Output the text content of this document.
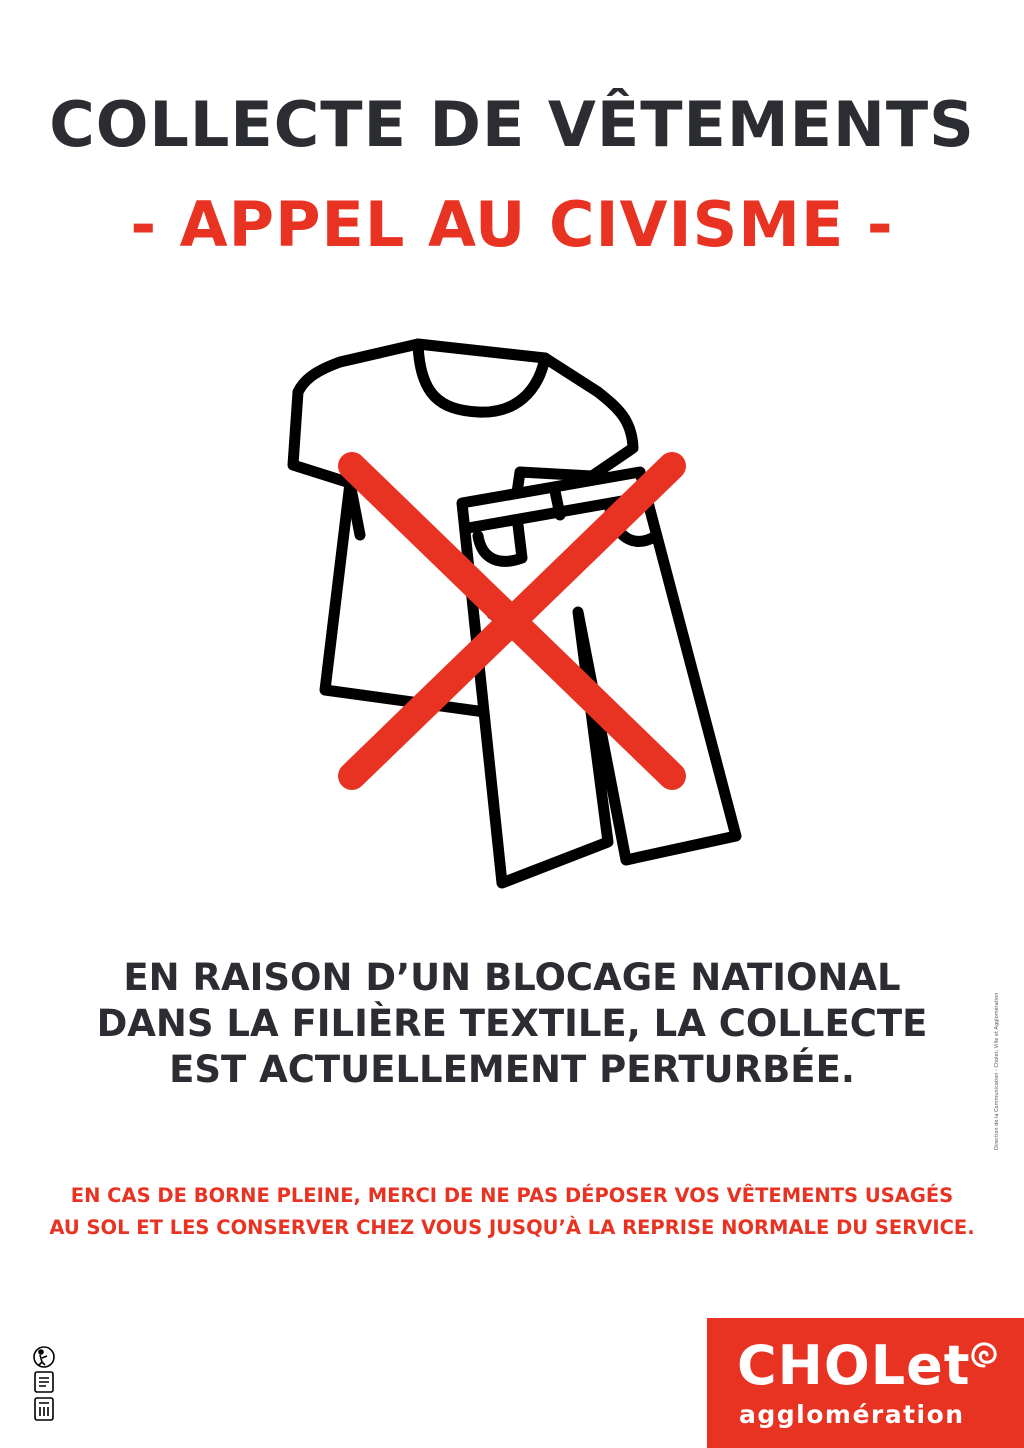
COLLECTE DE VÊTEMENTS
- APPEL AU CIVISME -
EN RAISON D’UN BLOCAGE NATIONAL
DANS LA FILIÈRE TEXTILE, LA COLLECTE
EST ACTUELLEMENT PERTURBÉE.
EN CAS DE BORNE PLEINE, MERCI DE NE PAS DÉPOSER VOS VÊTEMENTS USAGÉS
AU SOL ET LES CONSERVER CHEZ VOUS JUSQU’À LA REPRISE NORMALE DU SERVICE.
Direction de la Communication - Cholet, Ville et Agglomération
CHOLet
agglomération
